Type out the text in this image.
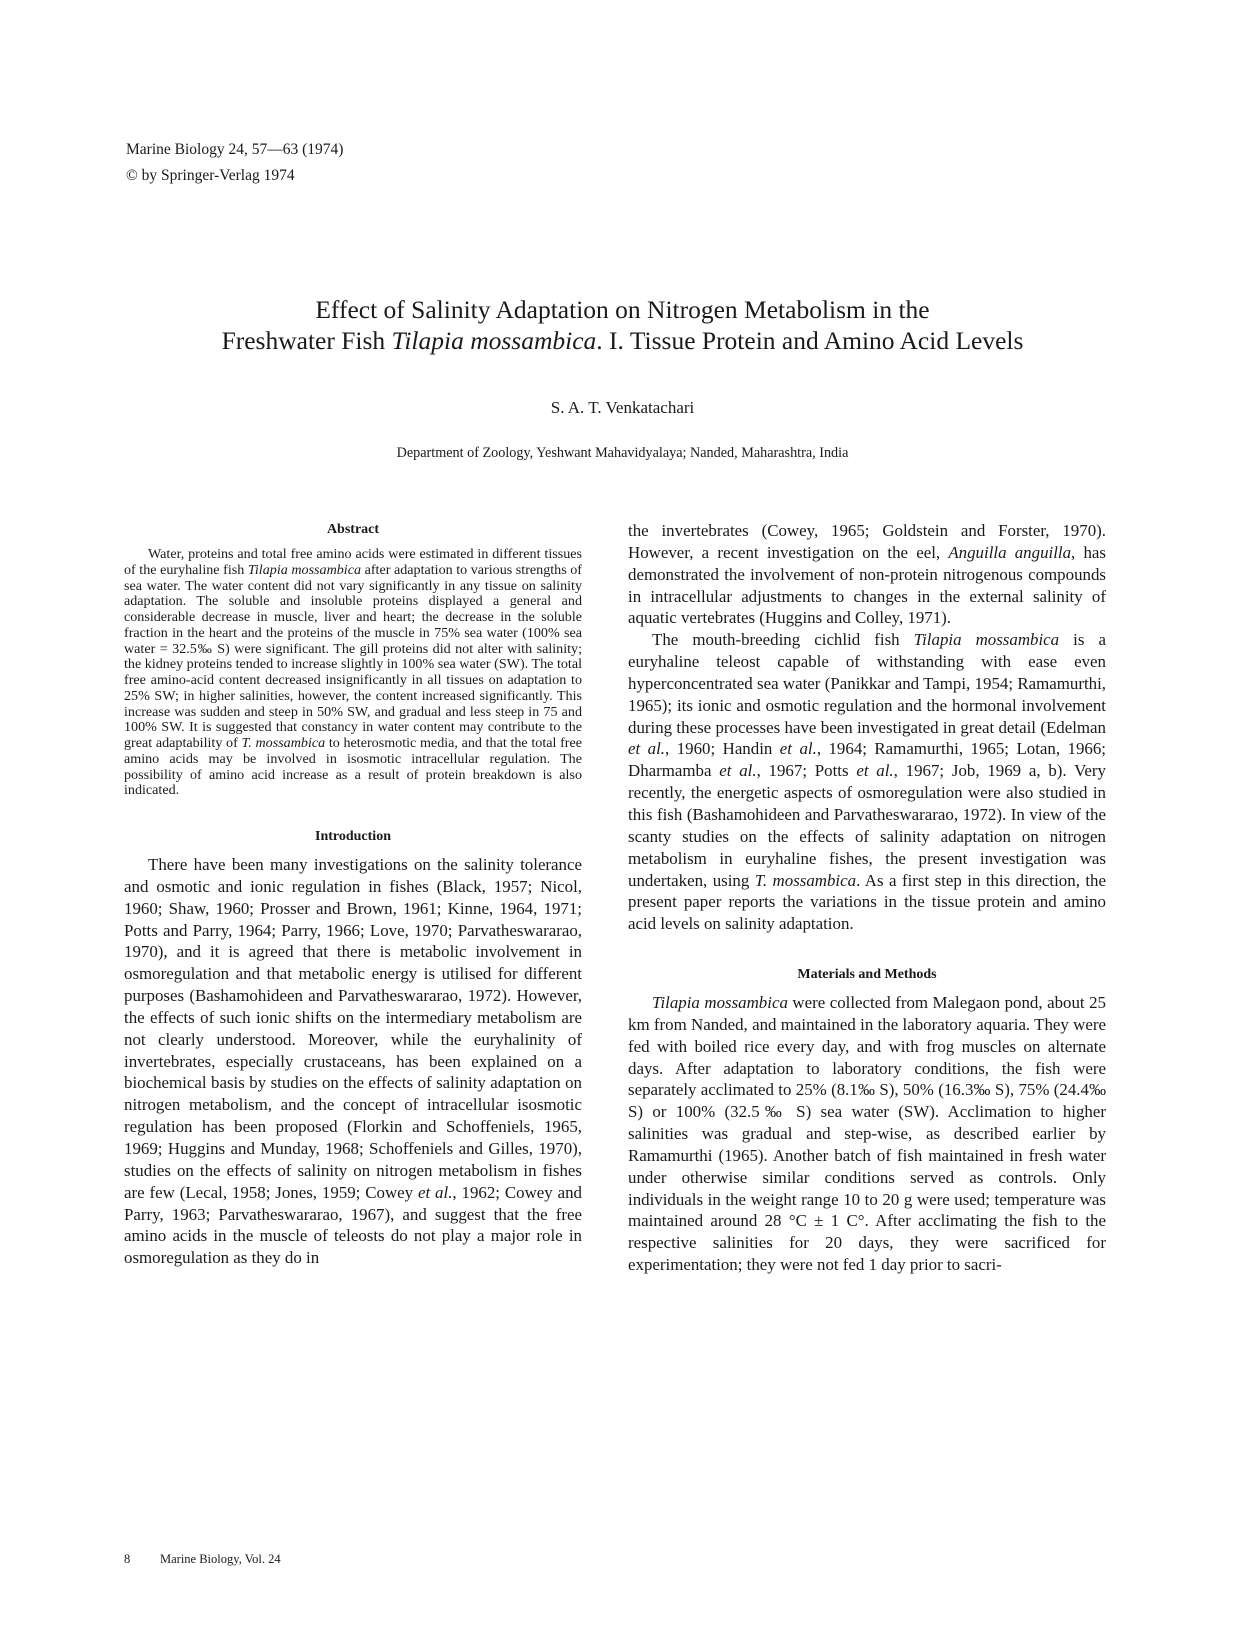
Marine Biology 24, 57—63 (1974)
© by Springer-Verlag 1974
Effect of Salinity Adaptation on Nitrogen Metabolism in the
Freshwater Fish Tilapia mossambica. I. Tissue Protein and Amino Acid Levels
S. A. T. Venkatachari
Department of Zoology, Yeshwant Mahavidyalaya; Nanded, Maharashtra, India
Abstract

Water, proteins and total free amino acids were estimated in different tissues of the euryhaline fish Tilapia mossambica after adaptation to various strengths of sea water. The water content did not vary significantly in any tissue on salinity adaptation. The soluble and insoluble proteins displayed a general and considerable decrease in muscle, liver and heart; the decrease in the soluble fraction in the heart and the proteins of the muscle in 75% sea water (100% sea water = 32.5‰ S) were significant. The gill proteins did not alter with salinity; the kidney proteins tended to increase slightly in 100% sea water (SW). The total free amino-acid content decreased insignificantly in all tissues on adaptation to 25% SW; in higher salinities, however, the content increased significantly. This increase was sudden and steep in 50% SW, and gradual and less steep in 75 and 100% SW. It is suggested that constancy in water content may contribute to the great adaptability of T. mossambica to heterosmotic media, and that the total free amino acids may be involved in isosmotic intracellular regulation. The possibility of amino acid increase as a result of protein breakdown is also indicated.

Introduction

There have been many investigations on the salinity tolerance and osmotic and ionic regulation in fishes (Black, 1957; Nicol, 1960; Shaw, 1960; Prosser and Brown, 1961; Kinne, 1964, 1971; Potts and Parry, 1964; Parry, 1966; Love, 1970; Parvatheswararao, 1970), and it is agreed that there is metabolic involvement in osmoregulation and that metabolic energy is utilised for different purposes (Bashamohideen and Parvatheswararao, 1972). However, the effects of such ionic shifts on the intermediary metabolism are not clearly understood. Moreover, while the euryhalinity of invertebrates, especially crustaceans, has been explained on a biochemical basis by studies on the effects of salinity adaptation on nitrogen metabolism, and the concept of intracellular isosmotic regulation has been proposed (Florkin and Schoffeniels, 1965, 1969; Huggins and Munday, 1968; Schoffeniels and Gilles, 1970), studies on the effects of salinity on nitrogen metabolism in fishes are few (Lecal, 1958; Jones, 1959; Cowey et al., 1962; Cowey and Parry, 1963; Parvatheswararao, 1967), and suggest that the free amino acids in the muscle of teleosts do not play a major role in osmoregulation as they do in

the invertebrates (Cowey, 1965; Goldstein and Forster, 1970). However, a recent investigation on the eel, Anguilla anguilla, has demonstrated the involvement of non-protein nitrogenous compounds in intracellular adjustments to changes in the external salinity of aquatic vertebrates (Huggins and Colley, 1971).

The mouth-breeding cichlid fish Tilapia mossambica is a euryhaline teleost capable of withstanding with ease even hyperconcentrated sea water (Panikkar and Tampi, 1954; Ramamurthi, 1965); its ionic and osmotic regulation and the hormonal involvement during these processes have been investigated in great detail (Edelman et al., 1960; Handin et al., 1964; Ramamurthi, 1965; Lotan, 1966; Dharmamba et al., 1967; Potts et al., 1967; Job, 1969 a, b). Very recently, the energetic aspects of osmoregulation were also studied in this fish (Bashamohideen and Parvatheswararao, 1972). In view of the scanty studies on the effects of salinity adaptation on nitrogen metabolism in euryhaline fishes, the present investigation was undertaken, using T. mossambica. As a first step in this direction, the present paper reports the variations in the tissue protein and amino acid levels on salinity adaptation.

Materials and Methods

Tilapia mossambica were collected from Malegaon pond, about 25 km from Nanded, and maintained in the laboratory aquaria. They were fed with boiled rice every day, and with frog muscles on alternate days. After adaptation to laboratory conditions, the fish were separately acclimated to 25% (8.1‰ S), 50% (16.3‰ S), 75% (24.4‰ S) or 100% (32.5‰ S) sea water (SW). Acclimation to higher salinities was gradual and step-wise, as described earlier by Ramamurthi (1965). Another batch of fish maintained in fresh water under otherwise similar conditions served as controls. Only individuals in the weight range 10 to 20 g were used; temperature was maintained around 28 °C ± 1 C°. After acclimating the fish to the respective salinities for 20 days, they were sacrificed for experimentation; they were not fed 1 day prior to sacri-

8 Marine Biology, Vol. 24
